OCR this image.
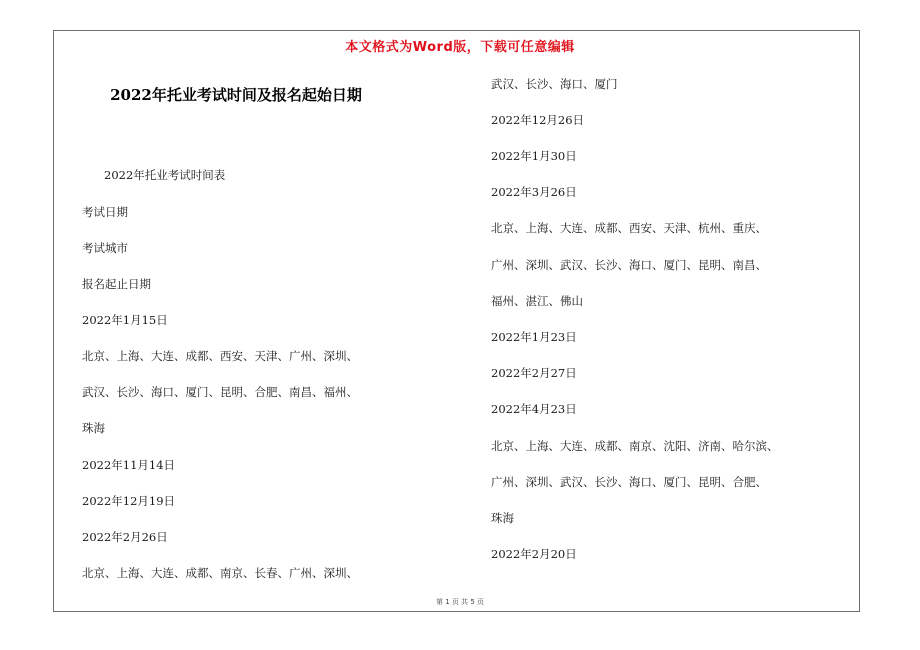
本文格式为Word版，下载可任意编辑
2022年托业考试时间及报名起始日期
2022年托业考试时间表
考试日期
考试城市
报名起止日期
2022年1月15日
北京、上海、大连、成都、西安、天津、广州、深圳、
武汉、长沙、海口、厦门、昆明、合肥、南昌、福州、
珠海
2022年11月14日
2022年12月19日
2022年2月26日
北京、上海、大连、成都、南京、长春、广州、深圳、
武汉、长沙、海口、厦门
2022年12月26日
2022年1月30日
2022年3月26日
北京、上海、大连、成都、西安、天津、杭州、重庆、
广州、深圳、武汉、长沙、海口、厦门、昆明、南昌、
福州、湛江、佛山
2022年1月23日
2022年2月27日
2022年4月23日
北京、上海、大连、成都、南京、沈阳、济南、哈尔滨、
广州、深圳、武汉、长沙、海口、厦门、昆明、合肥、
珠海
2022年2月20日
第 1 页 共 5 页
